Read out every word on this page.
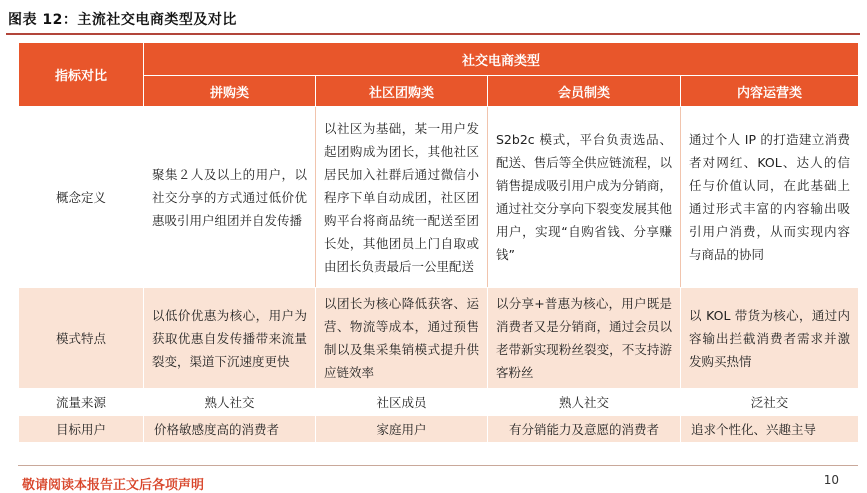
图表 12：主流社交电商类型及对比
指标对比	社交电商类型			
	拼购类	社区团购类	会员制类	内容运营类
概念定义	聚集２人及以上的用户，以社交分享的方式通过低价优惠吸引用户组团并自发传播	以社区为基础，某一用户发起团购成为团长，其他社区居民加入社群后通过微信小程序下单自动成团，社区团购平台将商品统一配送至团长处，其他团员上门自取或由团长负责最后一公里配送	S2b2c 模式，平台负责选品、配送、售后等全供应链流程，以销售提成吸引用户成为分销商，通过社交分享向下裂变发展其他用户，实现“自购省钱、分享赚钱”	通过个人 IP 的打造建立消费者对网红、KOL、达人的信任与价值认同，在此基础上通过形式丰富的内容输出吸引用户消费，从而实现内容与商品的协同

模式特点	以低价优惠为核心，用户为获取优惠自发传播带来流量裂变，渠道下沉速度更快	以团长为核心降低获客、运营、物流等成本，通过预售制以及集采集销模式提升供应链效率	以分享+普惠为核心，用户既是消费者又是分销商，通过会员以老带新实现粉丝裂变，不支持游客粉丝	以 KOL 带货为核心，通过内容输出拦截消费者需求并激发购买热情

流量来源	熟人社交	社区成员	熟人社交	泛社交
目标用户	价格敏感度高的消费者	家庭用户	有分销能力及意愿的消费者	追求个性化、兴趣主导
敬请阅读本报告正文后各项声明	10
